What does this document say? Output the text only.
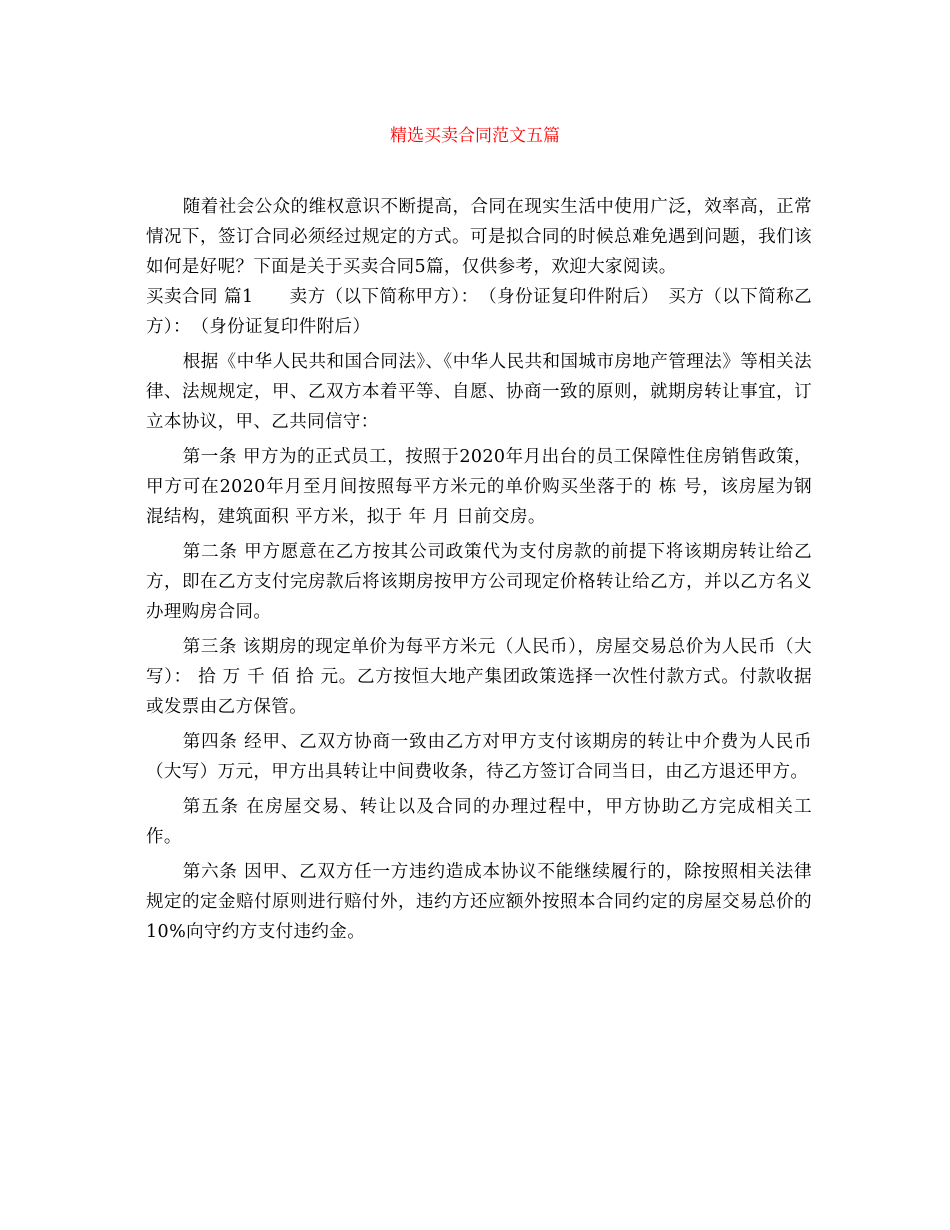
精选买卖合同范文五篇

随着社会公众的维权意识不断提高，合同在现实生活中使用广泛，效率高，正常情况下，签订合同必须经过规定的方式。可是拟合同的时候总难免遇到问题，我们该如何是好呢？下面是关于买卖合同5篇，仅供参考，欢迎大家阅读。
买卖合同 篇1 卖方（以下简称甲方）：　（身份证复印件附后）　买方（以下简称乙方）：　（身份证复印件附后）

根据《中华人民共和国合同法》、《中华人民共和国城市房地产管理法》等相关法律、法规规定，甲、乙双方本着平等、自愿、协商一致的原则，就期房转让事宜，订立本协议，甲、乙共同信守：

第一条 甲方为的正式员工，按照于2020年月出台的员工保障性住房销售政策，甲方可在2020年月至月间按照每平方米元的单价购买坐落于的 栋 号，该房屋为钢混结构，建筑面积 平方米，拟于 年 月 日前交房。

第二条 甲方愿意在乙方按其公司政策代为支付房款的前提下将该期房转让给乙方，即在乙方支付完房款后将该期房按甲方公司现定价格转让给乙方，并以乙方名义办理购房合同。

第三条 该期房的现定单价为每平方米元（人民币），房屋交易总价为人民币（大写）： 拾 万 千 佰 拾 元。乙方按恒大地产集团政策选择一次性付款方式。付款收据或发票由乙方保管。

第四条 经甲、乙双方协商一致由乙方对甲方支付该期房的转让中介费为人民币（大写）万元，甲方出具转让中间费收条，待乙方签订合同当日，由乙方退还甲方。

第五条 在房屋交易、转让以及合同的办理过程中，甲方协助乙方完成相关工作。

第六条 因甲、乙双方任一方违约造成本协议不能继续履行的，除按照相关法律规定的定金赔付原则进行赔付外，违约方还应额外按照本合同约定的房屋交易总价的10%向守约方支付违约金。
